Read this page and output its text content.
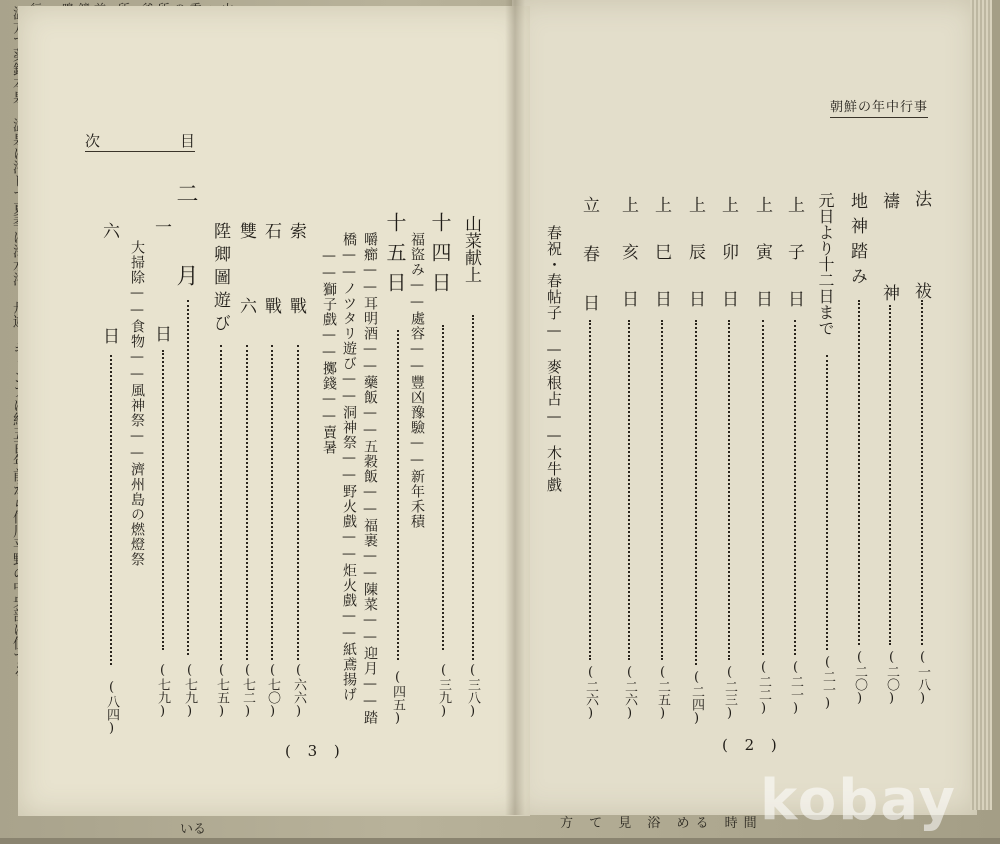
いる	方 て 見 浴 める 時間
次	目
山菜献上
(三八)
十四日
(三九)
福盜み——處容——豐凶豫驗——新年禾積
十五日
(四五)
嚼癤——耳明酒——藥飯——五穀飯——福裹——陳菜——迎月——踏
橋——ノツタリ遊び——洞神祭——野火戲——炬火戲——紙鳶揚げ
——獅子戲——擲錢——賣暑
索戰
(六六)
石戰
(七〇)
雙六
(七二)
陞卿圖遊び
(七五)
二月
(七九)
一日
(七九)
大掃除——食物——風神祭——濟州島の燃燈祭
六日
(八四)
( 3 )
朝鮮の年中行事
法祓
(一八)
禱神
(二〇)
地神踏み
(二〇)
元日より十二日まで
(二一)
上子日
(二一)
上寅日
(二二)
上卯日
(二三)
上辰日
(二四)
上巳日
(二五)
上亥日
(二六)
立春日
(二六)
春祝・春帖子——麥根占——木牛戲
( 2 )
kobay
